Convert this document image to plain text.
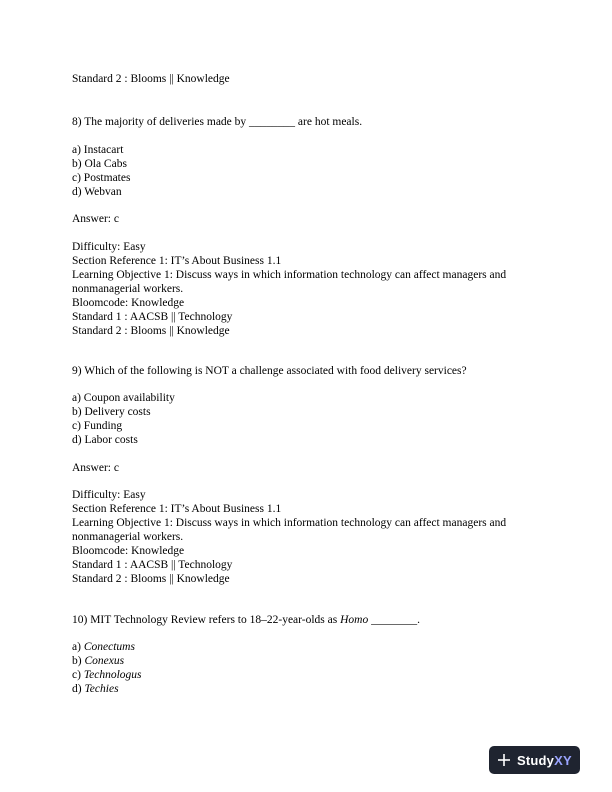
Standard 2 : Blooms || Knowledge
8) The majority of deliveries made by ________ are hot meals.
a) Instacart
b) Ola Cabs
c) Postmates
d) Webvan
Answer: c
Difficulty: Easy
Section Reference 1: IT’s About Business 1.1
Learning Objective 1: Discuss ways in which information technology can affect managers and
nonmanagerial workers.
Bloomcode: Knowledge
Standard 1 : AACSB || Technology
Standard 2 : Blooms || Knowledge
9) Which of the following is NOT a challenge associated with food delivery services?
a) Coupon availability
b) Delivery costs
c) Funding
d) Labor costs
Answer: c
Difficulty: Easy
Section Reference 1: IT’s About Business 1.1
Learning Objective 1: Discuss ways in which information technology can affect managers and
nonmanagerial workers.
Bloomcode: Knowledge
Standard 1 : AACSB || Technology
Standard 2 : Blooms || Knowledge
10) MIT Technology Review refers to 18–22-year-olds as Homo ________.
a) Conectums
b) Conexus
c) Technologus
d) Techies
StudyXY
